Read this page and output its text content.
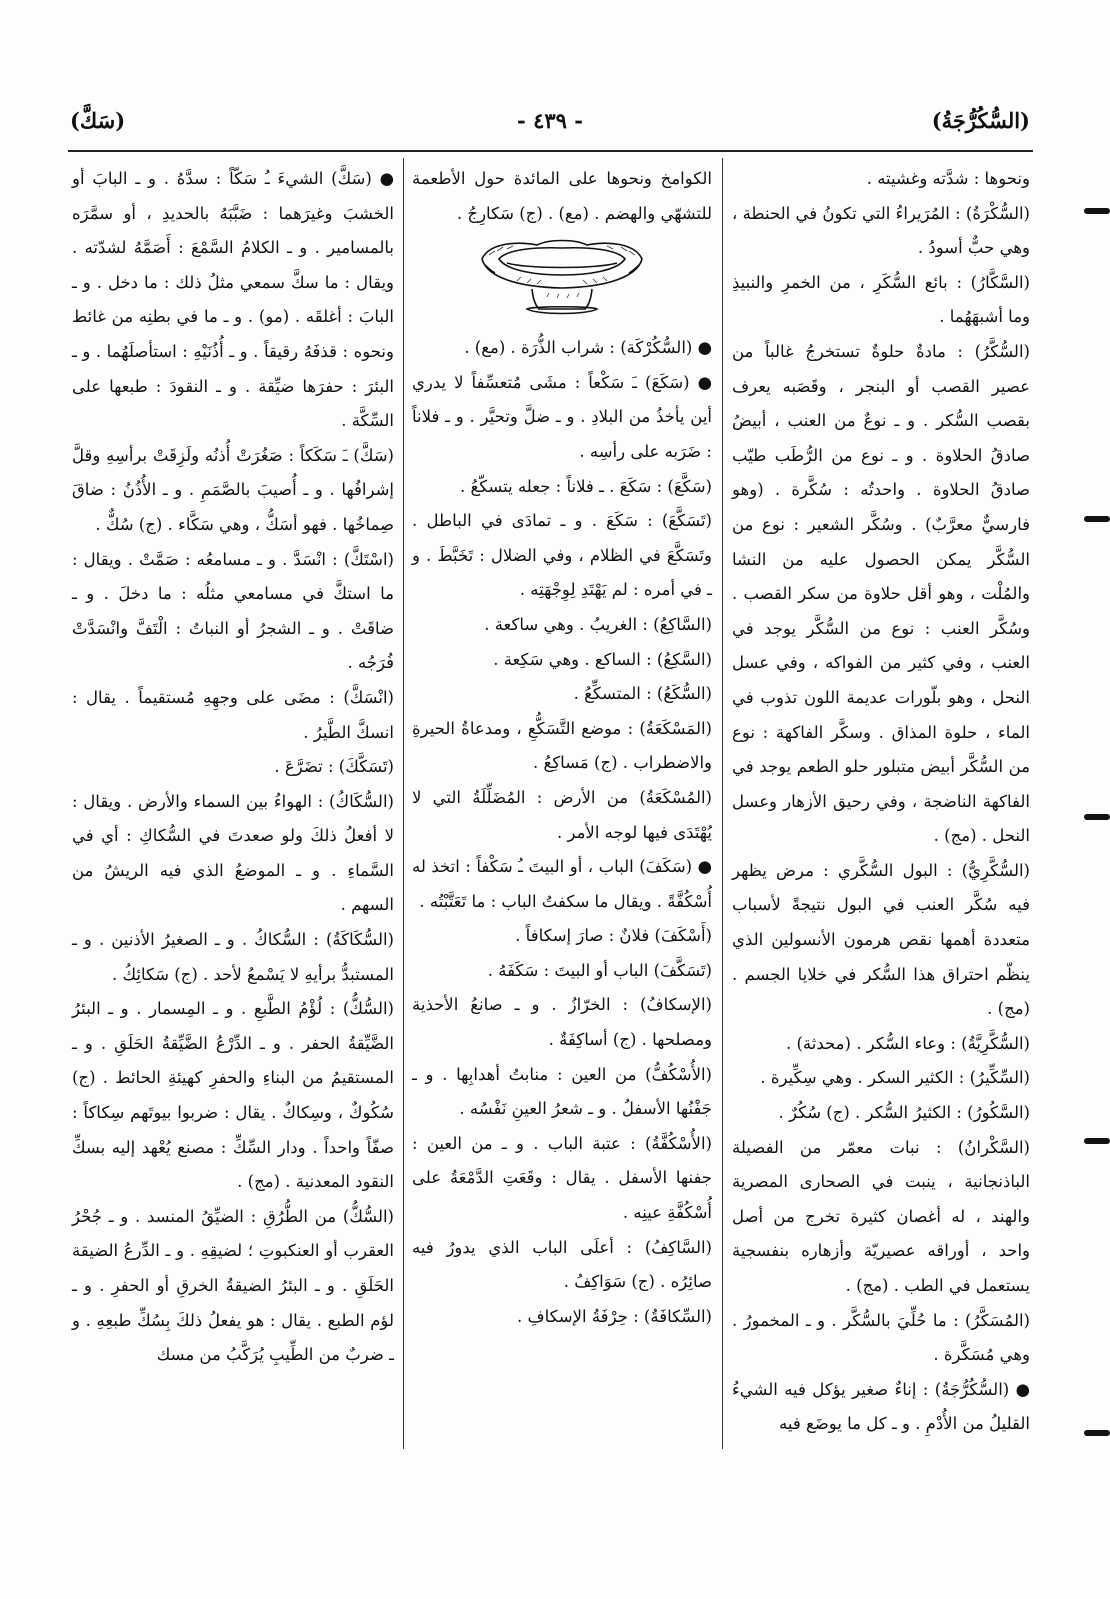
(السُّكُرُّجَةُ)
- ٤٣٩ -
(سَكَّ)

ونحوها : شدَّته وغشيته .

(السُّكْرَةُ) : المُرَيراءُ التي تكونُ في الحنطة ، وهي حبٌّ أسودُ .

(السَّكَّارُ) : بائع السُّكَرِ ، من الخمرِ والنبيذِ وما أشبهَهُما .

(السُّكَّرُ) : مادةٌ حلوةٌ تستخرجُ غالباً من عصير القصب أو البنجر ، وقَصَبه يعرف بقصب السُّكر . و ـ نوعٌ من العنب ، أبيضُ صادقُ الحلاوة . و ـ نوع من الرُّطَب طيّب صادقُ الحلاوة . واحدتُه : سُكَّرة . (وهو فارسيٌّ معرَّبٌ) . وسُكَّر الشعير : نوع من السُّكَّر يمكن الحصول عليه من النشا والمُلْت ، وهو أقل حلاوة من سكر القصب . وسُكَّر العنب : نوع من السُّكَّر يوجد في العنب ، وفي كثير من الفواكه ، وفي عسل النحل ، وهو بلّورات عديمة اللون تذوب في الماء ، حلوة المذاق . وسكَّر الفاكهة : نوع من السُّكَّر أبيض متبلور حلو الطعم يوجد في الفاكهة الناضجة ، وفي رحيق الأزهار وعسل النحل . (مج) .

(السُّكَّرِيُّ) : البول السُّكَّري : مرض يظهر فيه سُكَّر العنب في البول نتيجةً لأسباب متعددة أهمها نقص هرمون الأنسولين الذي ينظّم احتراق هذا السُّكر في خلايا الجسم . (مج) .

(السُّكَّرِيَّةُ) : وعاء السُّكر . (محدثة) .

(السِّكِّيرُ) : الكثير السكر . وهي سِكِّيرة .

(السَّكُورُ) : الكثيرُ السُّكر . (ج) سُكُرٌ .

(السَّكْرانُ) : نبات معمّر من الفصيلة الباذنجانية ، ينبت في الصحارى المصرية والهند ، له أغصان كثيرة تخرج من أصل واحد ، أوراقه عصيريّة وأزهاره بنفسجية يستعمل في الطب . (مج) .

(المُسَكَّرُ) : ما حُلِّيَ بالسُّكَّر . و ـ المخمورُ . وهي مُسَكَّرة .

● (السُّكُرُّجَةُ) : إناءٌ صغير يؤكل فيه الشيءُ القليلُ من الأُدْمِ . و ـ كل ما يوضَع فيه

الكوامخ ونحوها على المائدة حول الأطعمة للتشهّي والهضم . (مع) . (ج) سَكارِجُ .

● (السُّكُرْكَة) : شراب الذُّرَة . (مع) .

● (سَكَعَ) ـَ سَكْعاً : مشَى مُتعسِّفاً لا يدري أين يأخذُ من البلادِ . و ـ ضلَّ وتحيَّر . و ـ فلاناً : ضَرَبه على رأسِه .

(سَكَّعَ) : سَكَعَ . ـ فلاناً : جعله يتسكّعُ .

(تَسَكَّعَ) : سَكَعَ . و ـ تمادَى في الباطل . وتَسَكَّعَ في الظلام ، وفي الضلال : تَخَبَّطَ . و ـ في أمره : لم يَهْتَدِ لِوِجْهَتِه .

(السَّاكِعُ) : الغريبُ . وهي ساكعة .

(السَّكِعُ) : الساكع . وهي سَكِعة .

(السُّكَعُ) : المتسكِّعُ .

(المَسْكَعَةُ) : موضع التَّسَكُّعِ ، ومدعاةُ الحيرةِ والاضطراب . (ج) مَساكِعُ .

(المُسْكَعَةُ) من الأرض : المُضَلِّلَةُ التي لا يُهْتَدَى فيها لوجه الأمر .

● (سَكَفَ) الباب ، أو البيتَ ـُ سَكْفاً : اتخذ له أُسْكُفَّةً . ويقال ما سكفتُ الباب : ما تَعَتَّبْتُه .

(أَسْكَفَ) فلانٌ : صارَ إسكافاً .

(تَسَكَّفَ) الباب أو البيتَ : سَكَفَهُ .

(الإسكافُ) : الخرّازُ . و ـ صانعُ الأحذية ومصلحها . (ج) أساكِفَةٌ .

(الأُسْكُفُّ) من العين : منابتُ أهدابِها . و ـ جَفْنُها الأسفلُ . و ـ شعرُ العينِ نَفْسُه .

(الأُسْكُفَّةُ) : عتبة الباب . و ـ من العين : جفنها الأسفل . يقال : وقَعَتِ الدَّمْعَةُ على أُسْكُفَّةِ عينِه .

(السَّاكِفُ) : أعلَى الباب الذي يدورُ فيه صائِرُه . (ج) سَوَاكِفُ .

(السِّكافَةُ) : حِرْفَةُ الإسكافِ .

● (سَكَّ) الشيءَ ـُ سَكّاً : سدَّهُ . و ـ البابَ أو الخشبَ وغيرَهما : ضَبَّبَهُ بالحديدِ ، أو سمَّرَه بالمسامير . و ـ الكلامُ السَّمْعَ : أَصَمَّهُ لشدّته . ويقال : ما سكَّ سمعي مثلُ ذلك : ما دخل . و ـ البابَ : أغلقَه . (مو) . و ـ ما في بطنِه من غائط ونحوه : قذفَهُ رقيقاً . و ـ أُذُنَيْهِ : استأصلَهُما . و ـ البئرَ : حفرَها ضيِّقة . و ـ النقودَ : طبعها على السِّكَّة .

(سَكَّ) ـَ سَكَكاً : صَغُرَتْ أُذنُه ولَزِقَتْ برأسِهِ وقلَّ إشرافُها . و ـ أُصيبَ بالصَّمَمِ . و ـ الأُذُنُ : ضاقَ صِماخُها . فهو أسَكُّ ، وهي سَكَّاء . (ج) سُكٌّ .

(اسْتَكَّ) : انْسَدَّ . و ـ مسامعُه : صَمَّتْ . ويقال : ما استكَّ في مسامعي مثلُه : ما دخلَ . و ـ ضاقَتْ . و ـ الشجرُ أو النباتُ : الْتَفَّ وانْسَدَّتْ فُرَجُه .

(انْسَكَّ) : مضَى على وجهِهِ مُستقيماً . يقال : انسكَّ الطَّيرُ .

(تَسَكَّكَ) : تضَرَّعَ .

(السُّكَاكُ) : الهواءُ بين السماء والأرض . ويقال : لا أفعلُ ذلكَ ولو صعدتَ في السُّكاكِ : أي في السَّماءِ . و ـ الموضعُ الذي فيه الريشُ من السهم .

(السُّكَاكَةُ) : السُّكاكُ . و ـ الصغيرُ الأذنين . و ـ المستبدُّ برأيهِ لا يَسْمعُ لأحد . (ج) سَكائِكُ .

(السُّكُّ) : لُؤْمُ الطَّبعِ . و ـ المِسمار . و ـ البئرُ الضَّيِّقةُ الحفر . و ـ الدِّرْعُ الضَّيِّقةُ الحَلَقِ . و ـ المستقيمُ من البناءِ والحفرِ كهيئةِ الحائط . (ج) سُكُوكٌ ، وسِكاكٌ . يقال : ضربوا بيوتَهم سِكاكاً : صفّاً واحداً . ودار السِّكِّ : مصنع يُعْهد إليه بسكِّ النقود المعدنية . (مج) .

(السُّكُّ) من الطُّرُقِ : الضيِّقُ المنسد . و ـ جُحْرُ العقرب أو العنكبوتِ ؛ لضيقِهِ . و ـ الدِّرعُ الضيقة الحَلَقِ . و ـ البئرُ الضيقةُ الخرقِ أو الحفرِ . و ـ لؤم الطبع . يقال : هو يفعلُ ذلكَ بِسُكِّ طبعِهِ . و ـ ضربٌ من الطِّيبِ يُرَكَّبُ من مسك
